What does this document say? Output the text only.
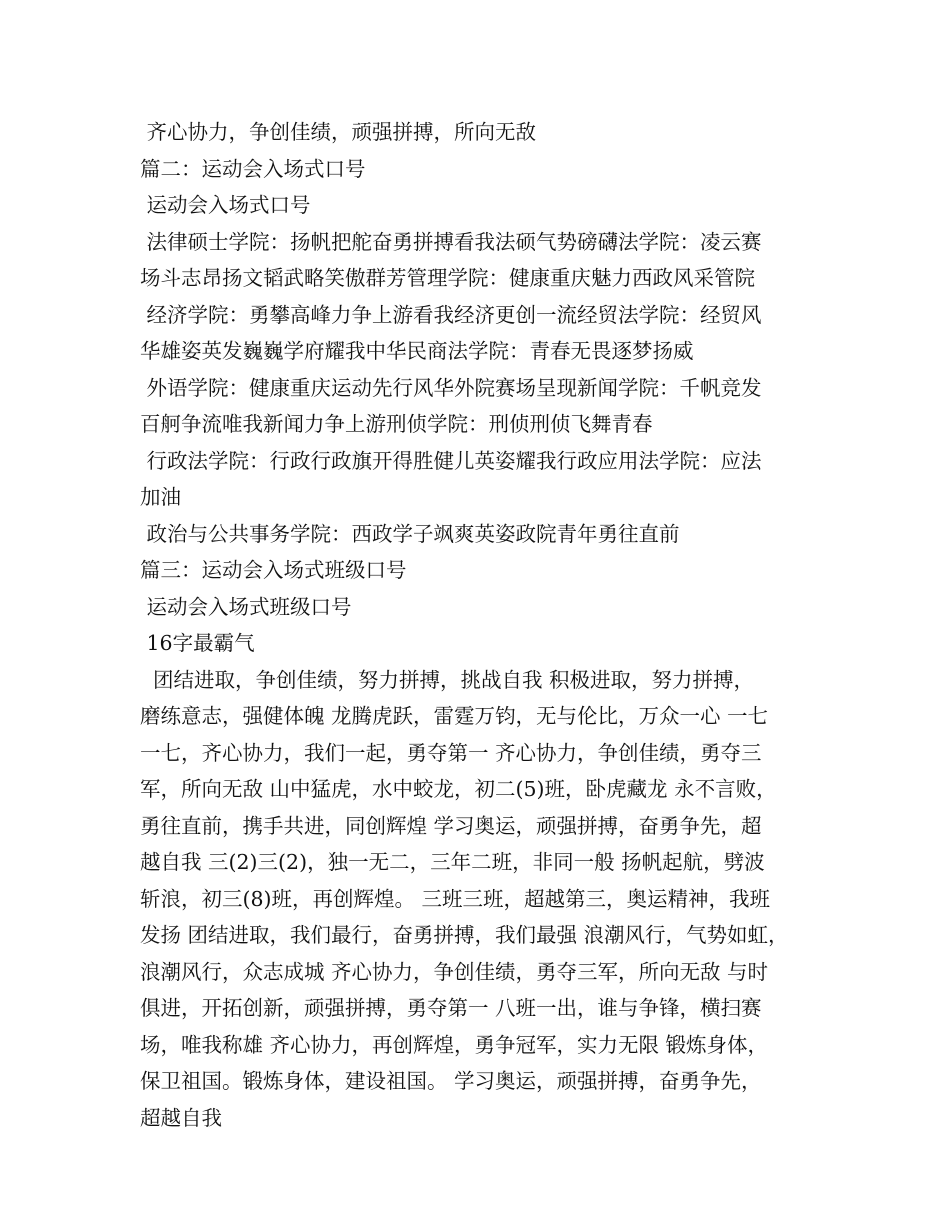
齐心协力，争创佳绩，顽强拼搏，所向无敌
篇二：运动会入场式口号
运动会入场式口号
法律硕士学院：扬帆把舵奋勇拼搏看我法硕气势磅礴法学院：凌云赛
场斗志昂扬文韬武略笑傲群芳管理学院：健康重庆魅力西政风采管院
经济学院：勇攀高峰力争上游看我经济更创一流经贸法学院：经贸风
华雄姿英发巍巍学府耀我中华民商法学院：青春无畏逐梦扬威
外语学院：健康重庆运动先行风华外院赛场呈现新闻学院：千帆竞发
百舸争流唯我新闻力争上游刑侦学院：刑侦刑侦飞舞青春
行政法学院：行政行政旗开得胜健儿英姿耀我行政应用法学院：应法
加油
政治与公共事务学院：西政学子飒爽英姿政院青年勇往直前
篇三：运动会入场式班级口号
运动会入场式班级口号
16字最霸气
团结进取，争创佳绩，努力拼搏，挑战自我 积极进取，努力拼搏，
磨练意志，强健体魄 龙腾虎跃，雷霆万钧，无与伦比，万众一心 一七
一七，齐心协力，我们一起，勇夺第一 齐心协力，争创佳绩，勇夺三
军，所向无敌 山中猛虎，水中蛟龙，初二(5)班，卧虎藏龙 永不言败，
勇往直前，携手共进，同创辉煌 学习奥运，顽强拼搏，奋勇争先，超
越自我 三(2)三(2)，独一无二，三年二班，非同一般 扬帆起航，劈波
斩浪，初三(8)班，再创辉煌。 三班三班，超越第三，奥运精神，我班
发扬 团结进取，我们最行，奋勇拼搏，我们最强 浪潮风行，气势如虹，
浪潮风行，众志成城 齐心协力，争创佳绩，勇夺三军，所向无敌 与时
俱进，开拓创新，顽强拼搏，勇夺第一 八班一出，谁与争锋，横扫赛
场，唯我称雄 齐心协力，再创辉煌，勇争冠军，实力无限 锻炼身体，
保卫祖国。锻炼身体，建设祖国。 学习奥运，顽强拼搏，奋勇争先，
超越自我
